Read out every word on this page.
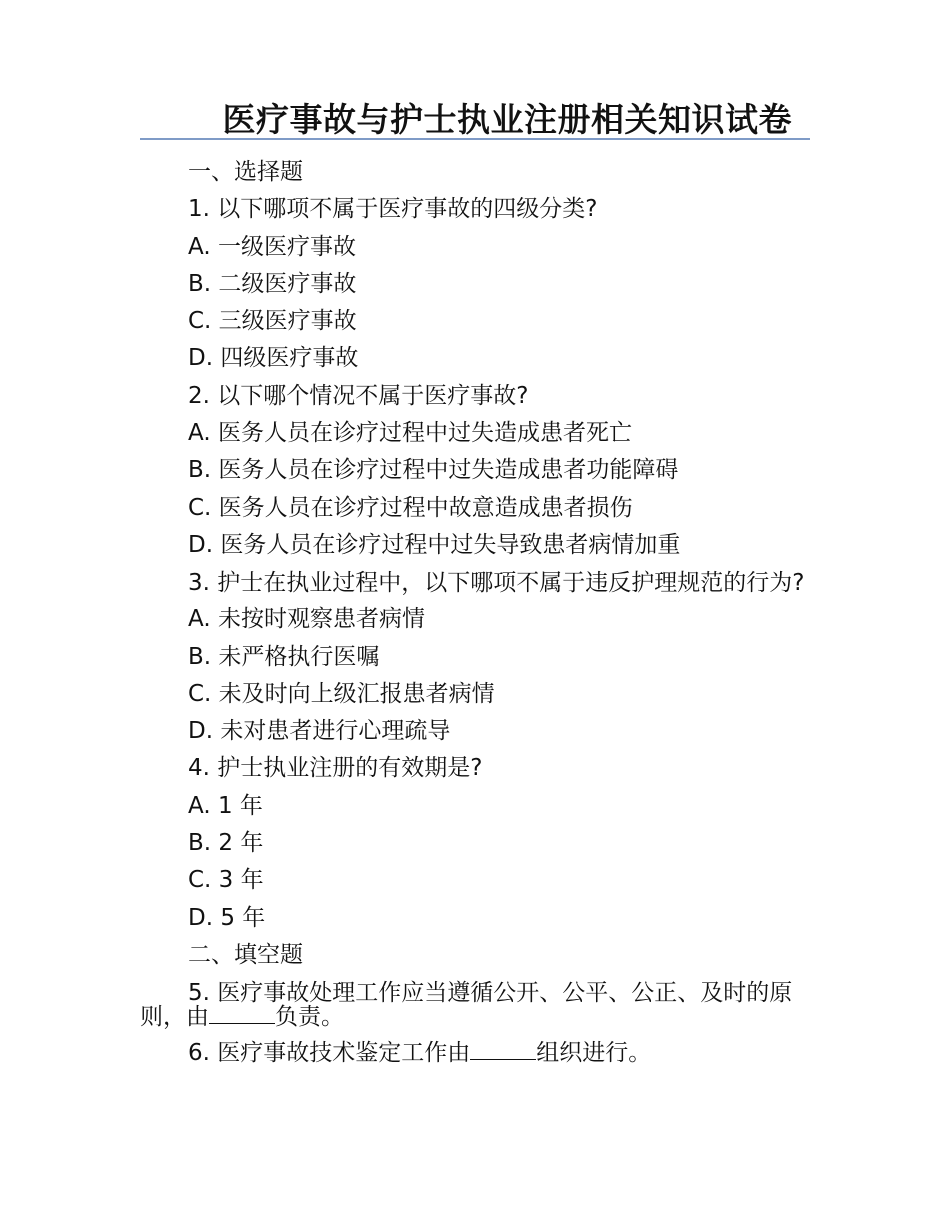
医疗事故与护士执业注册相关知识试卷

一、选择题

1. 以下哪项不属于医疗事故的四级分类?

A. 一级医疗事故

B. 二级医疗事故

C. 三级医疗事故

D. 四级医疗事故

2. 以下哪个情况不属于医疗事故?

A. 医务人员在诊疗过程中过失造成患者死亡

B. 医务人员在诊疗过程中过失造成患者功能障碍

C. 医务人员在诊疗过程中故意造成患者损伤

D. 医务人员在诊疗过程中过失导致患者病情加重

3. 护士在执业过程中，以下哪项不属于违反护理规范的行为?

A. 未按时观察患者病情

B. 未严格执行医嘱

C. 未及时向上级汇报患者病情

D. 未对患者进行心理疏导

4. 护士执业注册的有效期是?

A. 1 年

B. 2 年

C. 3 年

D. 5 年

二、填空题

5. 医疗事故处理工作应当遵循公开、公平、公正、及时的原则，由	负责。

6. 医疗事故技术鉴定工作由	组织进行。
